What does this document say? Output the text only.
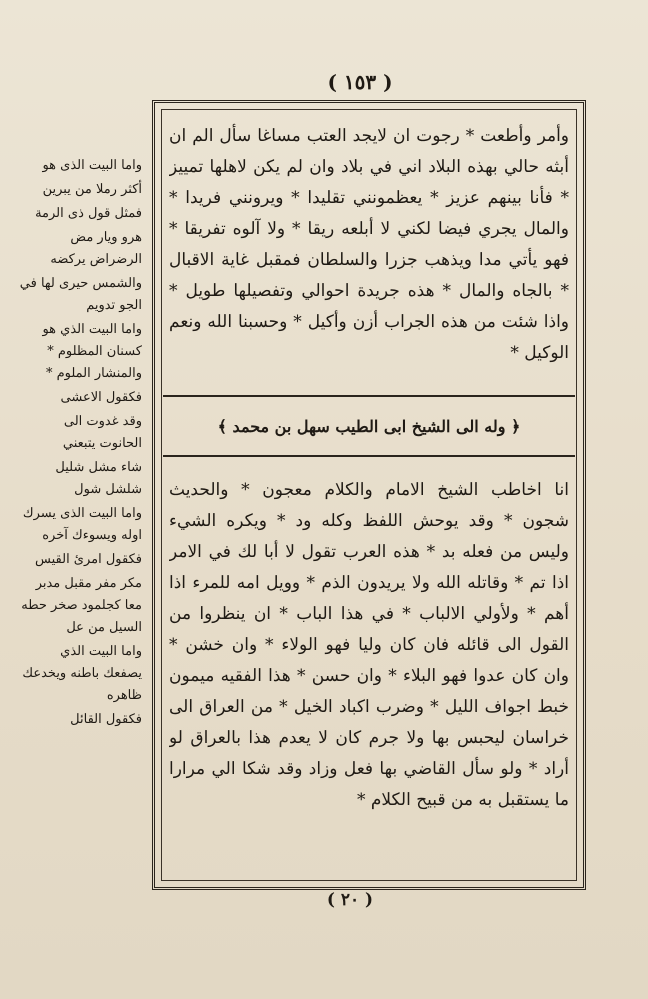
( ١٥٣ )

واما البيت الذى هو

أكثر رملا من يبرين

فمثل قول ذى الرمة

هرو ويار مض الرضراض يركضه

والشمس حيرى لها في الجو تدويم

واما البيت الذي هو كسنان المظلوم * والمنشار الملوم *

فكقول الاعشى

وقد غدوت الى الحانوت يتبعني

شاء مشل شليل شلشل شول

واما البيت الذى يسرك اوله ويسوءك آخره

فكقول امرئ القيس

مكر مفر مقبل مدبر معا كجلمود صخر حطه السيل من عل

واما البيت الذي يصفعك باطنه ويخدعك ظاهره

فكقول القائل

وأمر وأطعت * رجوت ان لايجد العتب مساغا سأل الم ان أبثه حالي بهذه البلاد اني في بلاد وان لم يكن لاهلها تمييز * فأنا بينهم عزيز * يعظمونني تقليدا * ويرونني فريدا * والمال يجري فيضا لكني لا أبلعه ريقا * ولا آلوه تفريقا * فهو يأتي مدا ويذهب جزرا والسلطان فمقبل غاية الاقبال * بالجاه والمال * هذه جريدة احوالي وتفصيلها طويل * واذا شئت من هذه الجراب أزن وأكيل * وحسبنا الله ونعم الوكيل *
﴿ وله الى الشيخ ابى الطيب سهل بن محمد ﴾
انا اخاطب الشيخ الامام والكلام معجون * والحديث شجون * وقد يوحش اللفظ وكله ود * ويكره الشيء وليس من فعله بد * هذه العرب تقول لا أبا لك في الامر اذا تم * وقاتله الله ولا يريدون الذم * وويل امه للمرء اذا أهم * ولأولي الالباب * في هذا الباب * ان ينظروا من القول الى قائله فان كان وليا فهو الولاء * وان خشن * وان كان عدوا فهو البلاء * وان حسن * هذا الفقيه ميمون خبط اجواف الليل * وضرب اكباد الخيل * من العراق الى خراسان ليحبس بها ولا جرم كان لا يعدم هذا بالعراق لو أراد * ولو سأل القاضي بها فعل وزاد وقد شكا الي مرارا ما يستقبل به من قبيح الكلام *
( ٢٠ )
